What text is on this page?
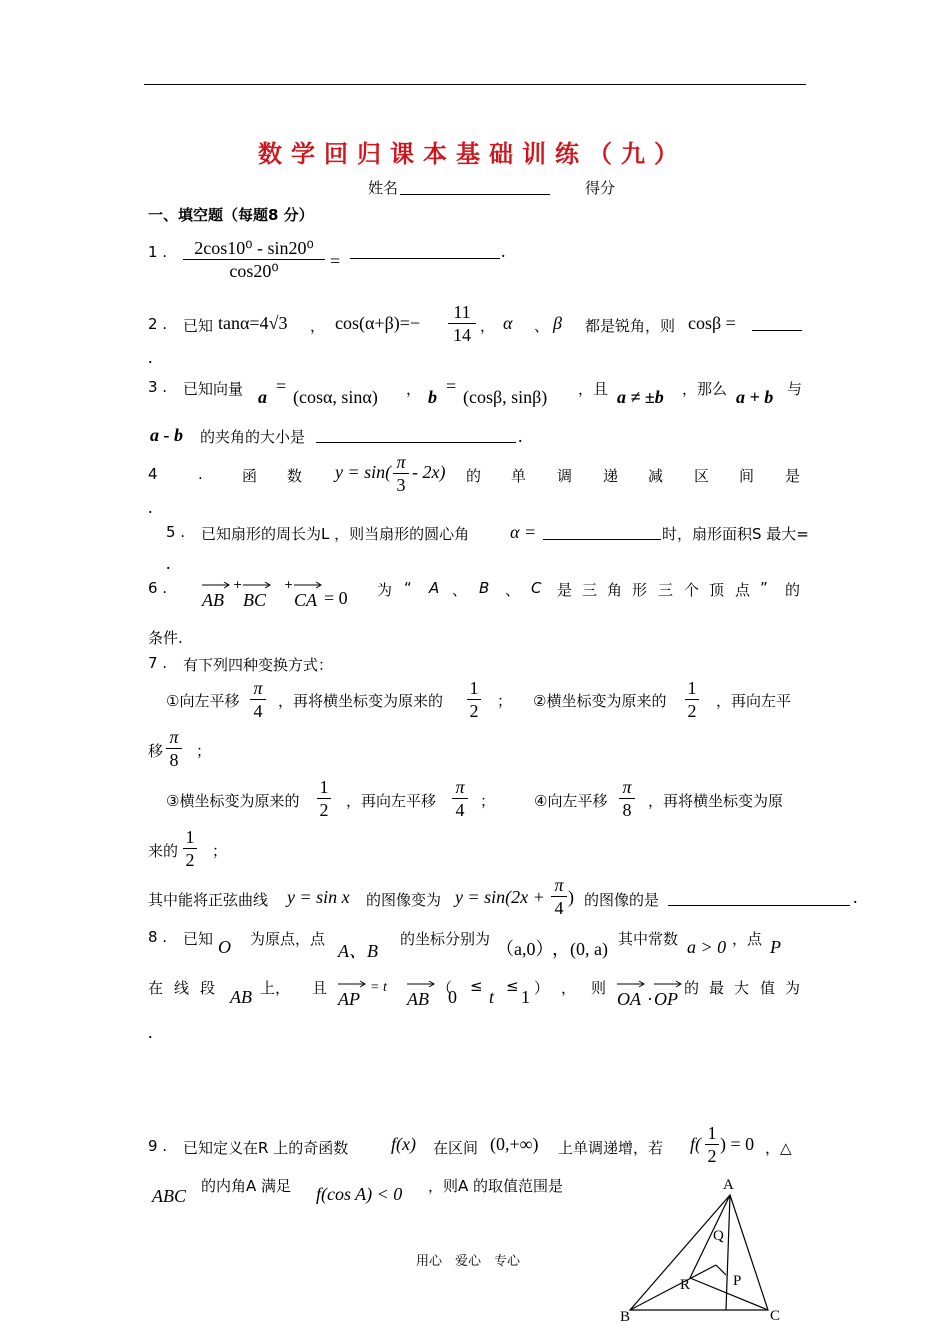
数学回归课本基础训练（九）
姓名	得分
一、填空题（每题8 分）
1 .	2cos10⁰ - sin20⁰
cos20⁰	=	.
2 . 已知 tanα=4√3 ， cos(α+β)=−
11
14 ， α 、 β 都是锐角，则 cosβ =
.
3 . 已知向量 a
=
(cosα, sinα) ， b
=
(cosβ, sinβ) ，且 a ≠ ±b ，那么 a + b 与
a - b 的夹角的大小是	.
4	.	函 数 y = sin( π
3
- 2x) 的 单 调 递 减 区 间 是
.
5 . 已知扇形的周长为L ，则当扇形的圆心角 α =	时，扇形面积S 最大=
.
6 .
AB
+
BC
+
CA = 0 为 “ A 、 B 、 C 是 三 角 形 三 个 顶 点 ” 的
条件.
7 . 有下列四种变换方式：
①向左平移
π
4 ，再将横坐标变为原来的
1
2 ； ②横坐标变为原来的
1
2 ，再向左平
移
π
8 ；
③横坐标变为原来的
1
2 ，再向左平移
π
4 ；	④向左平移
π
8 ，再将横坐标变为原
来的
1
2 ；
其中能将正弦曲线 y = sin x 的图像变为 y = sin(2x +
π
4
) 的图像的是	.
8 . 已知 O 为原点，点
A、B
的坐标分别为 （a,0）
，(0, a) 其中常数 a > 0 ，点 P
在 线 段 AB 上， 且
AP
= t
AB
（
0
≤
t
≤
1 ） ， 则
OA · OP
的 最 大 值 为
.
9 . 已知定义在R 上的奇函数 f(x) 在区间 (0,+∞) 上单调递增，若 f(
1
2
) = 0 ，△
ABC 的内角A 满足 f(cos A) < 0 ，则A 的取值范围是	A
Q
R	P
B	C
用心　爱心　专心
